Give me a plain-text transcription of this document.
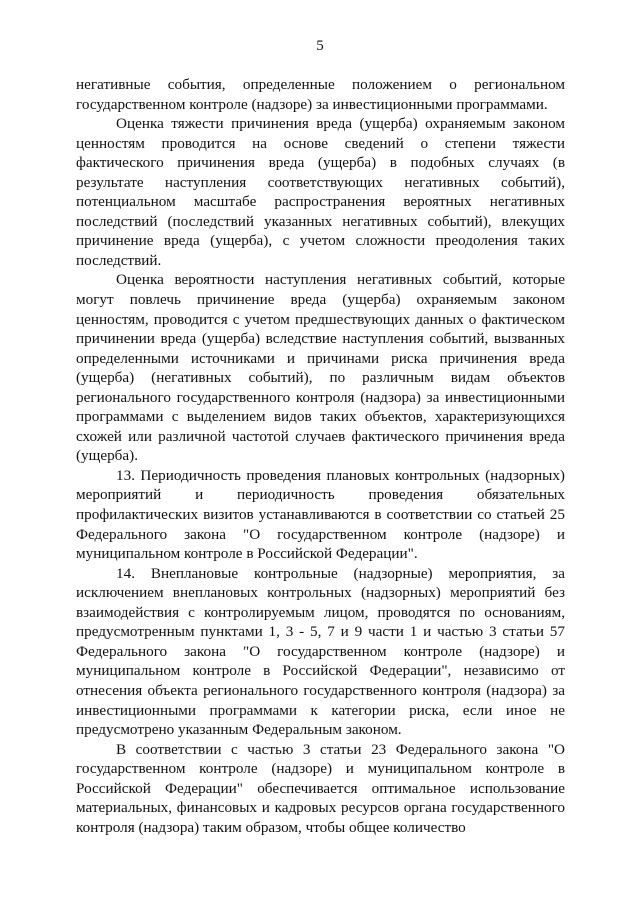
5

негативные события, определенные положением о региональном государственном контроле (надзоре) за инвестиционными программами.

Оценка тяжести причинения вреда (ущерба) охраняемым законом ценностям проводится на основе сведений о степени тяжести фактического причинения вреда (ущерба) в подобных случаях (в результате наступления соответствующих негативных событий), потенциальном масштабе распространения вероятных негативных последствий (последствий указанных негативных событий), влекущих причинение вреда (ущерба), с учетом сложности преодоления таких последствий.

Оценка вероятности наступления негативных событий, которые могут повлечь причинение вреда (ущерба) охраняемым законом ценностям, проводится с учетом предшествующих данных о фактическом причинении вреда (ущерба) вследствие наступления событий, вызванных определенными источниками и причинами риска причинения вреда (ущерба) (негативных событий), по различным видам объектов регионального государственного контроля (надзора) за инвестиционными программами с выделением видов таких объектов, характеризующихся схожей или различной частотой случаев фактического причинения вреда (ущерба).

13. Периодичность проведения плановых контрольных (надзорных) мероприятий и периодичность проведения обязательных профилактических визитов устанавливаются в соответствии со статьей 25 Федерального закона "О государственном контроле (надзоре) и муниципальном контроле в Российской Федерации".

14. Внеплановые контрольные (надзорные) мероприятия, за исключением внеплановых контрольных (надзорных) мероприятий без взаимодействия с контролируемым лицом, проводятся по основаниям, предусмотренным пунктами 1, 3 - 5, 7 и 9 части 1 и частью 3 статьи 57 Федерального закона "О государственном контроле (надзоре) и муниципальном контроле в Российской Федерации", независимо от отнесения объекта регионального государственного контроля (надзора) за инвестиционными программами к категории риска, если иное не предусмотрено указанным Федеральным законом.

В соответствии с частью 3 статьи 23 Федерального закона "О государственном контроле (надзоре) и муниципальном контроле в Российской Федерации" обеспечивается оптимальное использование материальных, финансовых и кадровых ресурсов органа государственного контроля (надзора) таким образом, чтобы общее количество
